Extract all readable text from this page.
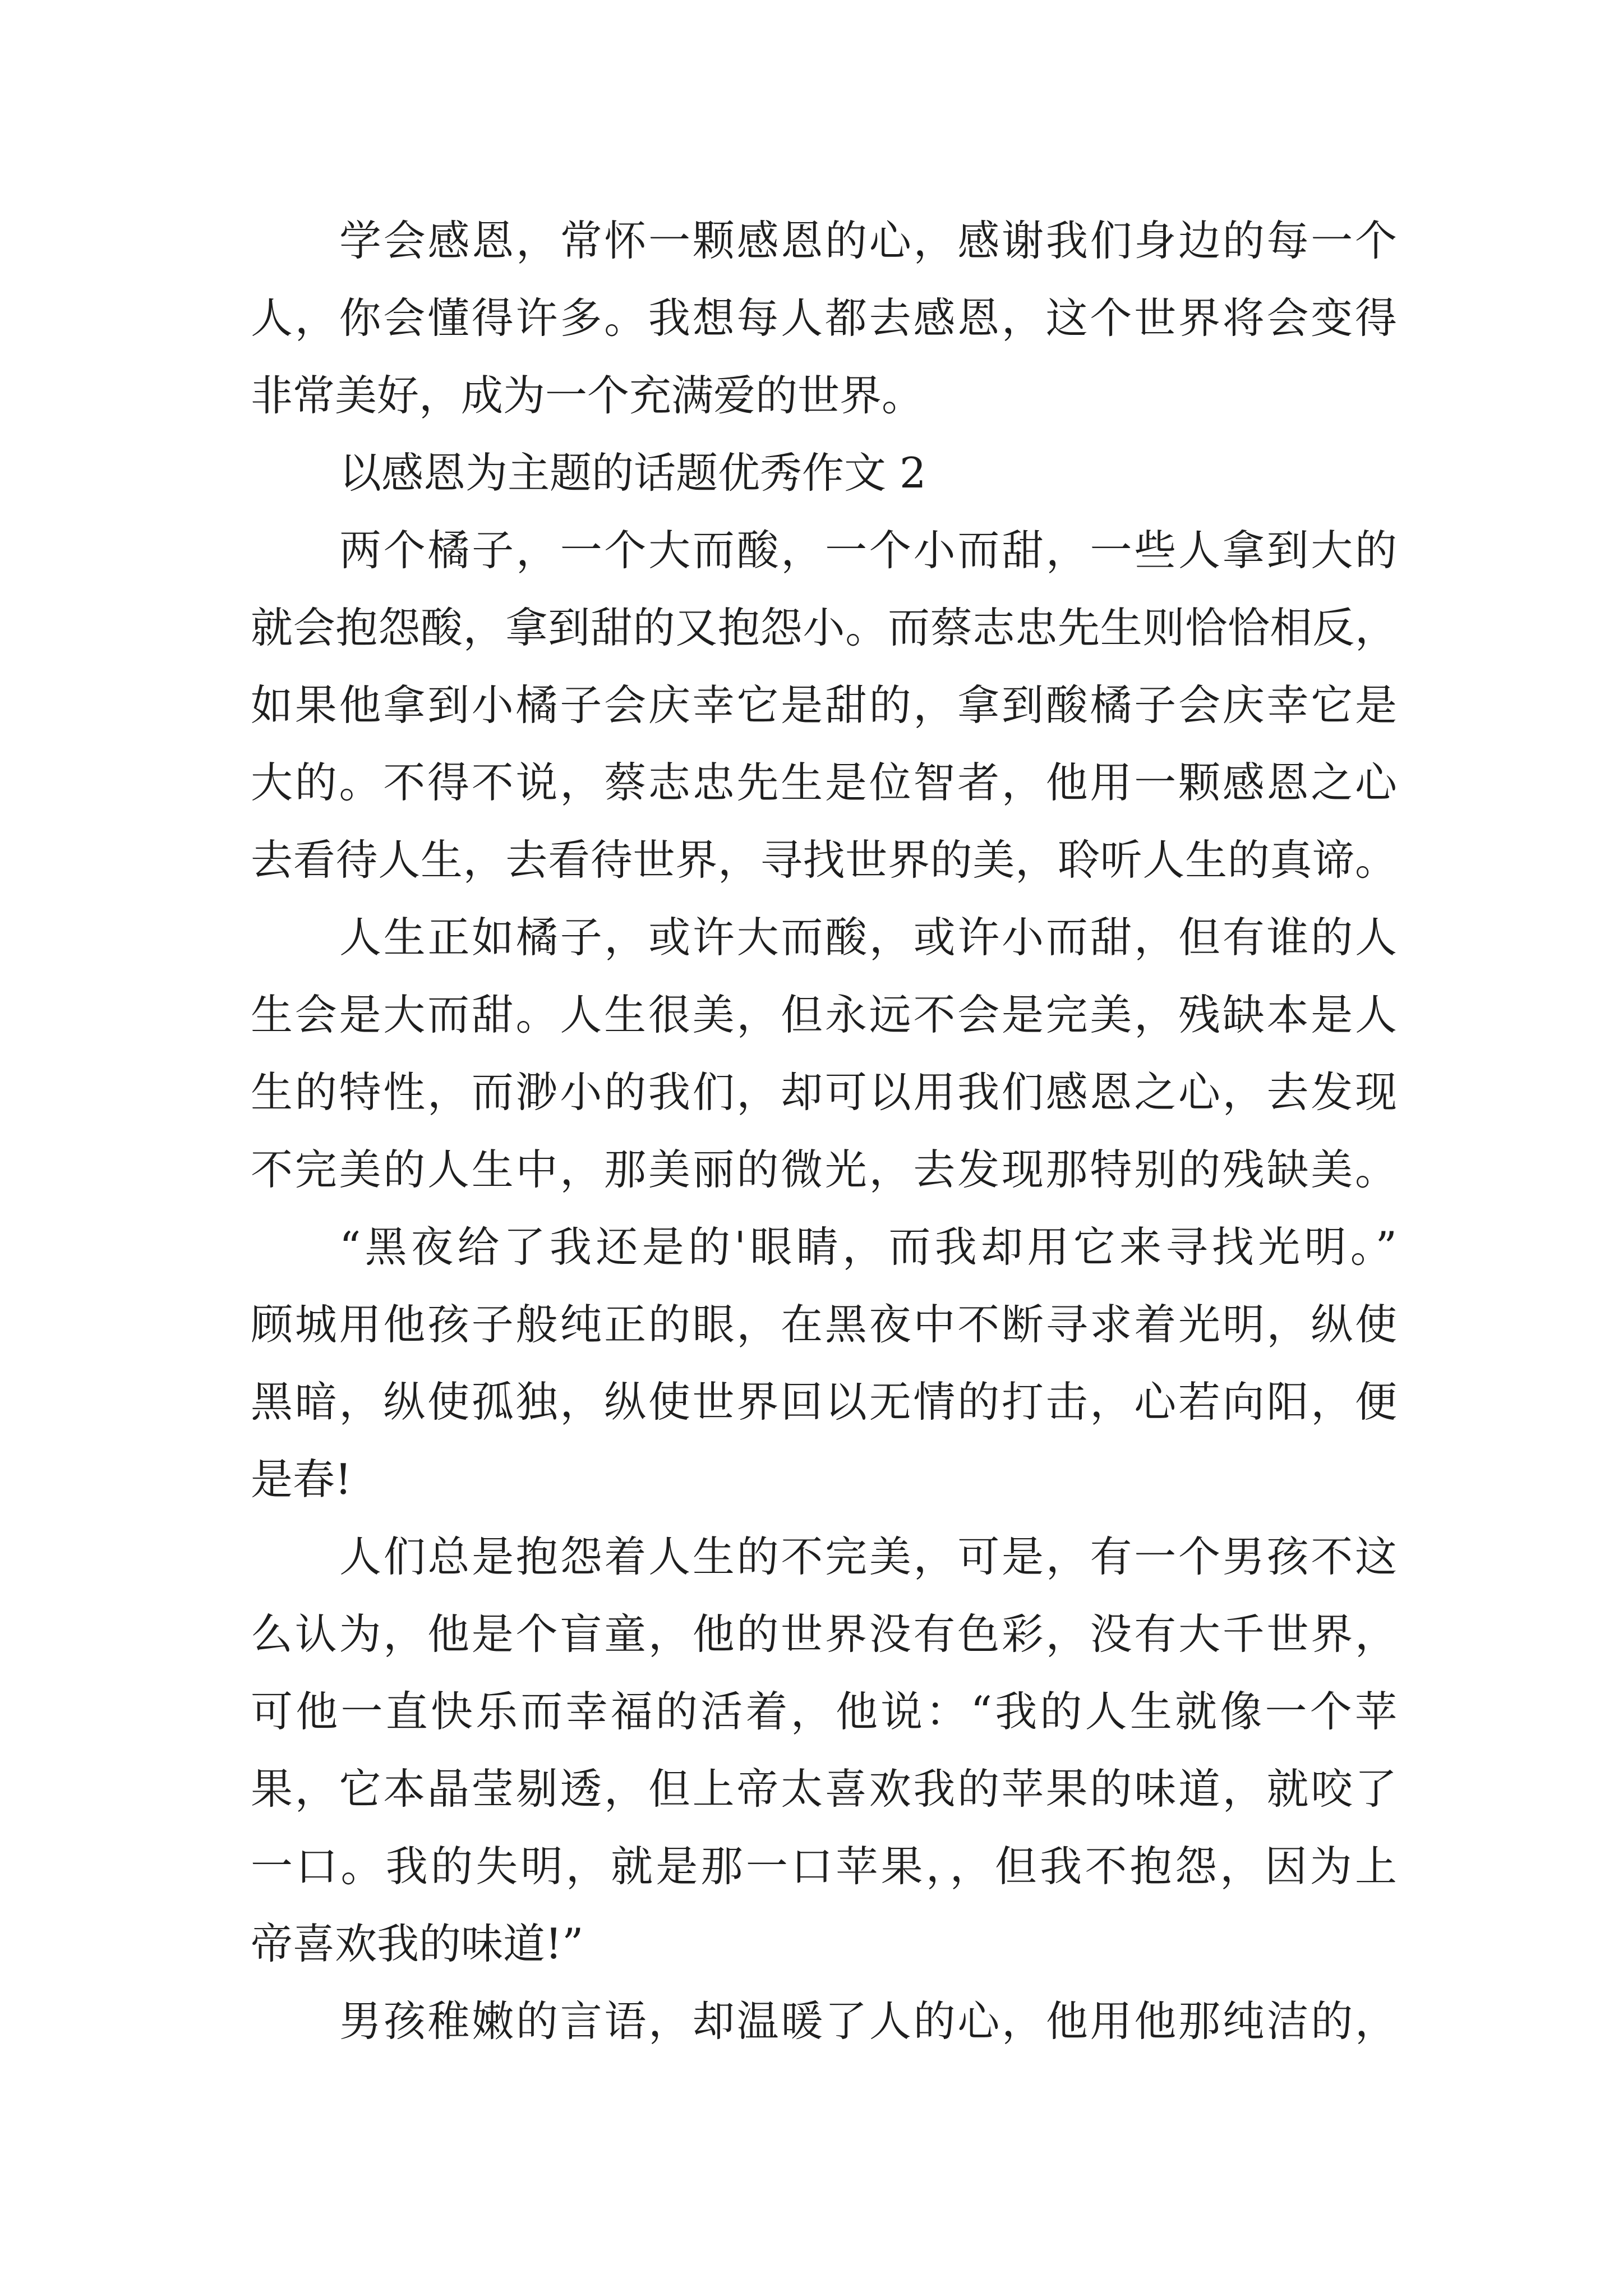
学会感恩，常怀一颗感恩的心，感谢我们身边的每一个
人，你会懂得许多。我想每人都去感恩，这个世界将会变得
非常美好，成为一个充满爱的世界。
以感恩为主题的话题优秀作文 2
两个橘子，一个大而酸，一个小而甜，一些人拿到大的
就会抱怨酸，拿到甜的又抱怨小。而蔡志忠先生则恰恰相反，
如果他拿到小橘子会庆幸它是甜的，拿到酸橘子会庆幸它是
大的。不得不说，蔡志忠先生是位智者，他用一颗感恩之心
去看待人生，去看待世界，寻找世界的美，聆听人生的真谛。
人生正如橘子，或许大而酸，或许小而甜，但有谁的人
生会是大而甜。人生很美，但永远不会是完美，残缺本是人
生的特性，而渺小的我们，却可以用我们感恩之心，去发现
不完美的人生中，那美丽的微光，去发现那特别的残缺美。
“黑夜给了我还是的'眼睛，而我却用它来寻找光明。”
顾城用他孩子般纯正的眼，在黑夜中不断寻求着光明，纵使
黑暗，纵使孤独，纵使世界回以无情的打击，心若向阳，便
是春!
人们总是抱怨着人生的不完美，可是，有一个男孩不这
么认为，他是个盲童，他的世界没有色彩，没有大千世界，
可他一直快乐而幸福的活着，他说：“我的人生就像一个苹
果，它本晶莹剔透，但上帝太喜欢我的苹果的味道，就咬了
一口。我的失明，就是那一口苹果，，但我不抱怨，因为上
帝喜欢我的味道!”
男孩稚嫩的言语，却温暖了人的心，他用他那纯洁的，
